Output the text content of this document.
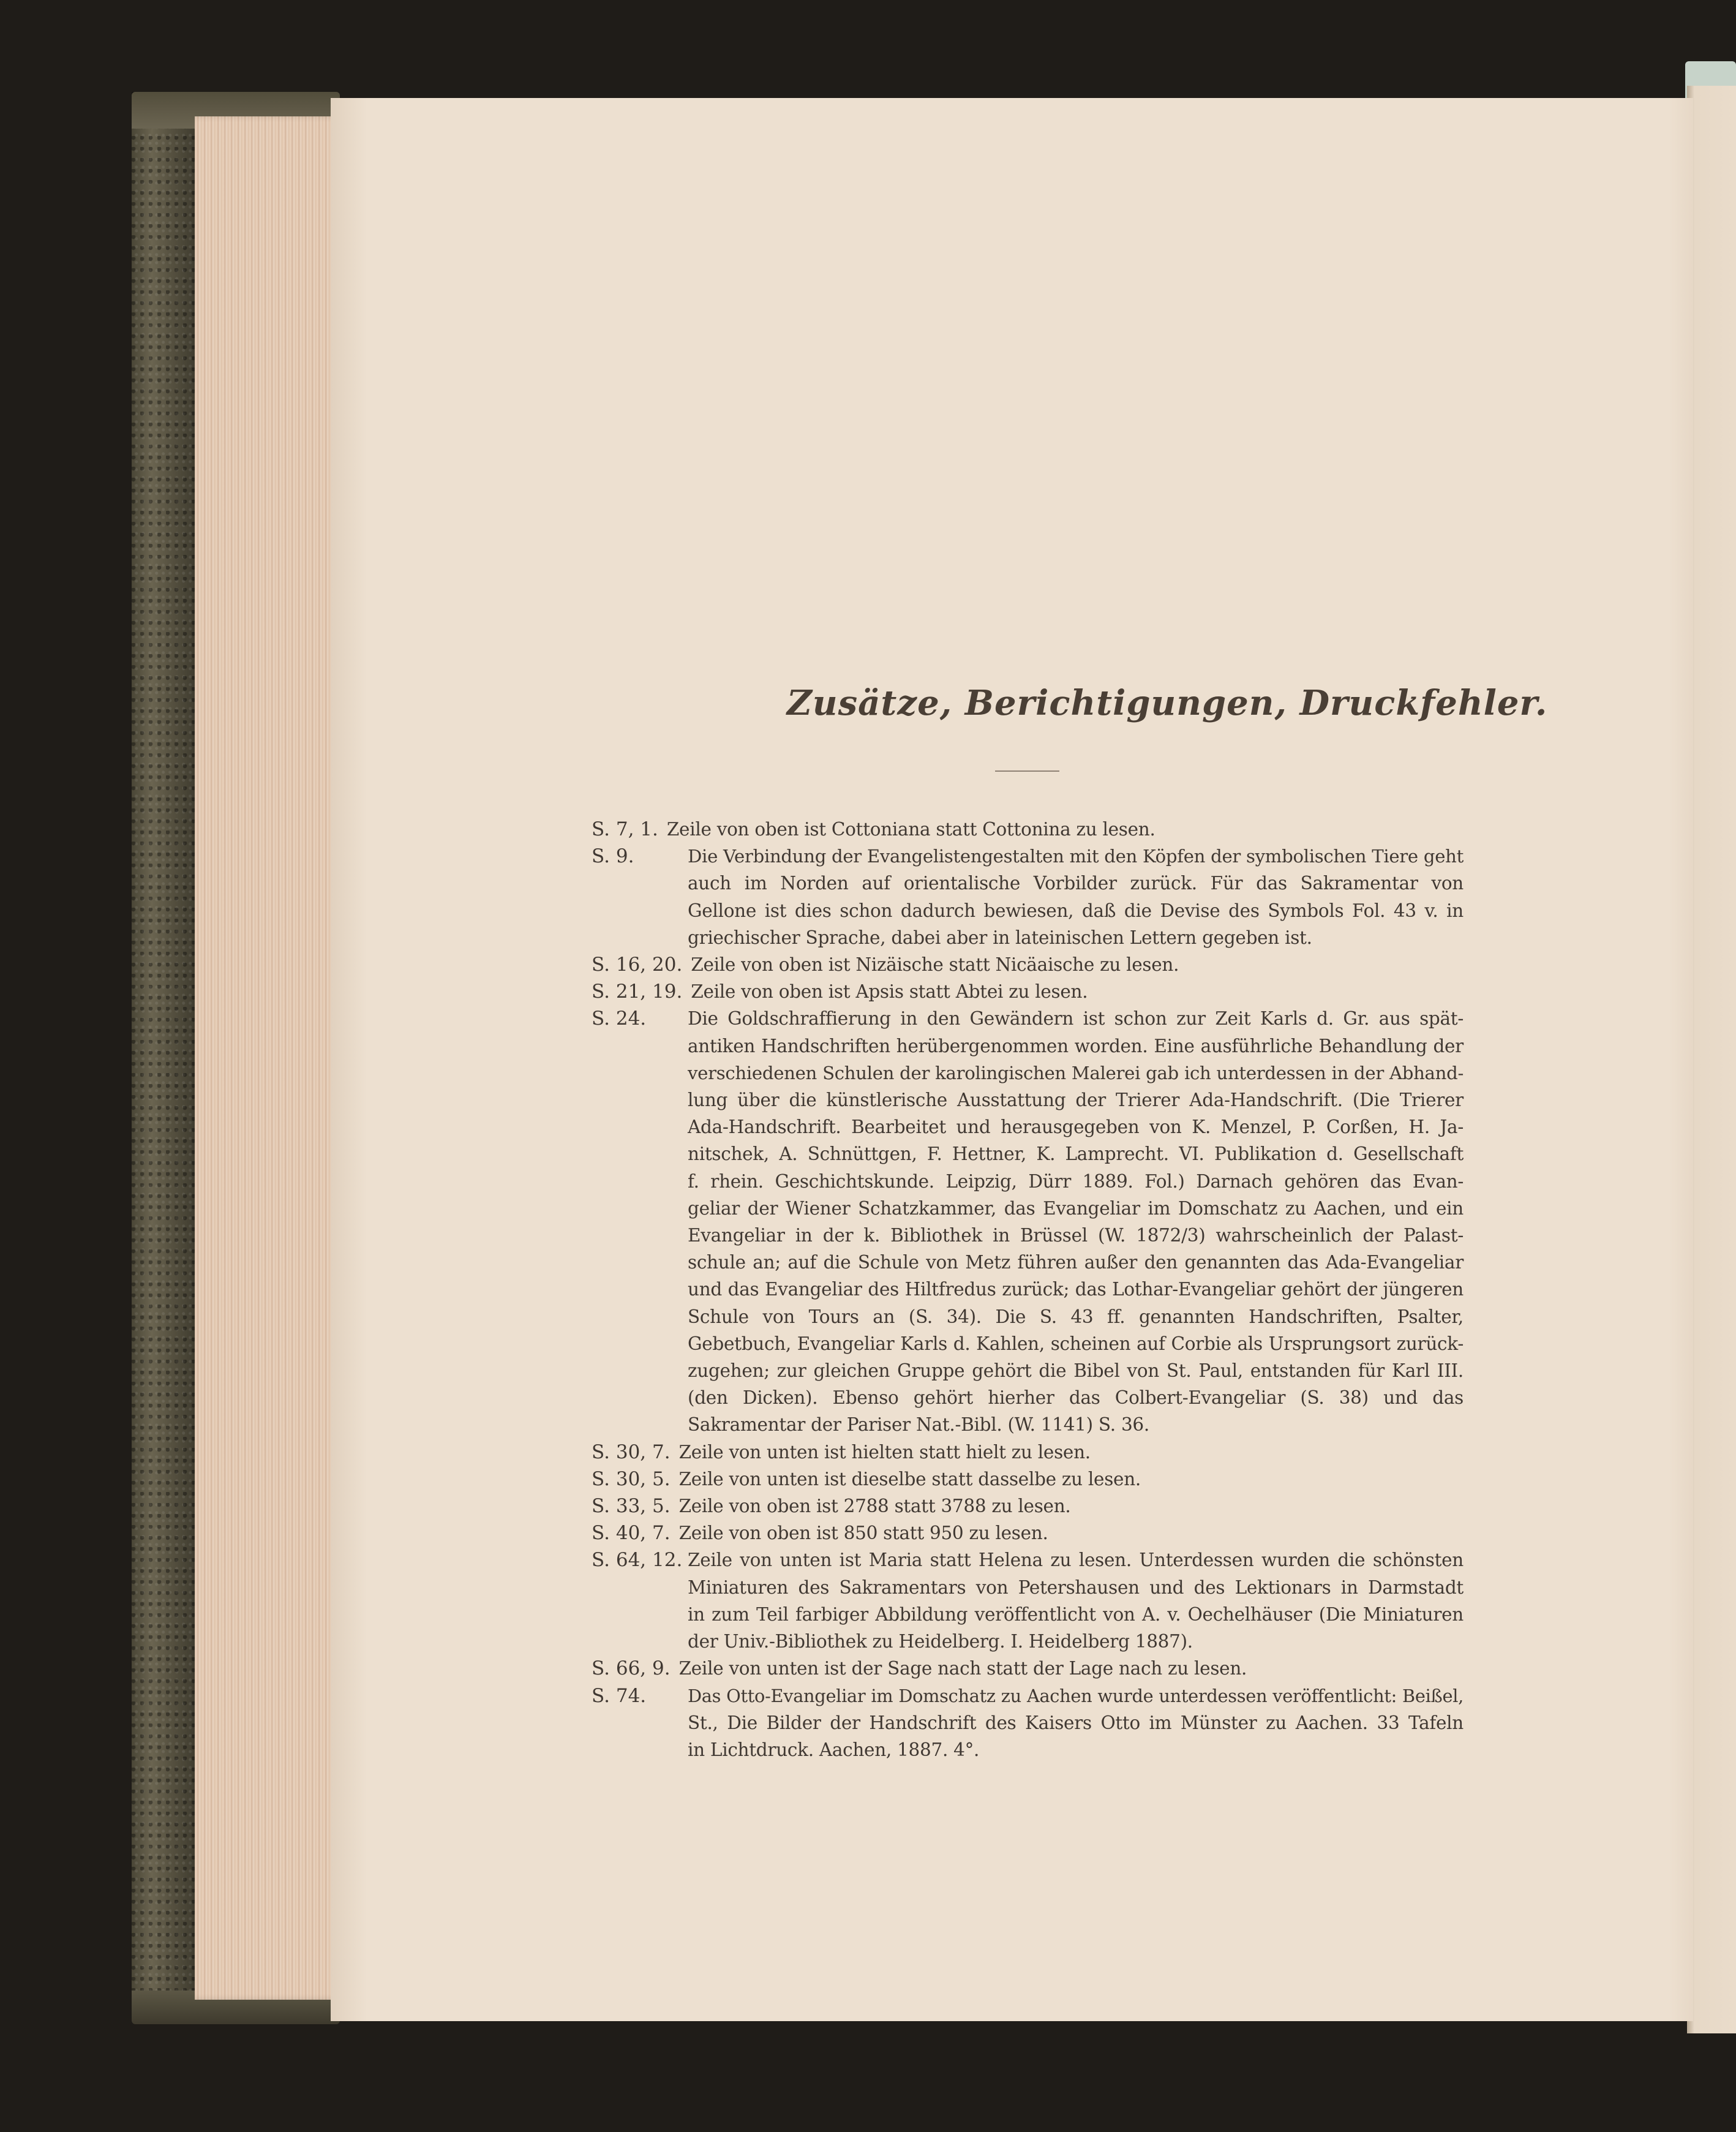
Zusätze, Berichtigungen, Druckfehler.
S. 7, 1. Zeile von oben ist Cottoniana statt Cottonina zu lesen.
S. 9.	Die Verbindung der Evangelistengestalten mit den Köpfen der symbolischen Tiere geht
auch im Norden auf orientalische Vorbilder zurück. Für das Sakramentar von
Gellone ist dies schon dadurch bewiesen, daß die Devise des Symbols Fol. 43 v. in
griechischer Sprache, dabei aber in lateinischen Lettern gegeben ist.
S. 16, 20. Zeile von oben ist Nizäische statt Nicäaische zu lesen.
S. 21, 19. Zeile von oben ist Apsis statt Abtei zu lesen.
S. 24. Die Goldschraffierung in den Gewändern ist schon zur Zeit Karls d. Gr. aus spät-
antiken Handschriften herübergenommen worden. Eine ausführliche Behandlung der
verschiedenen Schulen der karolingischen Malerei gab ich unterdessen in der Abhand-
lung über die künstlerische Ausstattung der Trierer Ada-Handschrift. (Die Trierer
Ada-Handschrift. Bearbeitet und herausgegeben von K. Menzel, P. Corßen, H. Ja-
nitschek, A. Schnüttgen, F. Hettner, K. Lamprecht. VI. Publikation d. Gesellschaft
f. rhein. Geschichtskunde. Leipzig, Dürr 1889. Fol.) Darnach gehören das Evan-
geliar der Wiener Schatzkammer, das Evangeliar im Domschatz zu Aachen, und ein
Evangeliar in der k. Bibliothek in Brüssel (W. 1872/3) wahrscheinlich der Palast-
schule an; auf die Schule von Metz führen außer den genannten das Ada-Evangeliar
und das Evangeliar des Hiltfredus zurück; das Lothar-Evangeliar gehört der jüngeren
Schule von Tours an (S. 34). Die S. 43 ff. genannten Handschriften, Psalter,
Gebetbuch, Evangeliar Karls d. Kahlen, scheinen auf Corbie als Ursprungsort zurück-
zugehen; zur gleichen Gruppe gehört die Bibel von St. Paul, entstanden für Karl III.
(den Dicken). Ebenso gehört hierher das Colbert-Evangeliar (S. 38) und das
Sakramentar der Pariser Nat.-Bibl. (W. 1141) S. 36.
S. 30, 7. Zeile von unten ist hielten statt hielt zu lesen.
S. 30, 5. Zeile von unten ist dieselbe statt dasselbe zu lesen.
S. 33, 5. Zeile von oben ist 2788 statt 3788 zu lesen.
S. 40, 7. Zeile von oben ist 850 statt 950 zu lesen.
S. 64, 12. Zeile von unten ist Maria statt Helena zu lesen. Unterdessen wurden die schönsten
Miniaturen des Sakramentars von Petershausen und des Lektionars in Darmstadt
in zum Teil farbiger Abbildung veröffentlicht von A. v. Oechelhäuser (Die Miniaturen
der Univ.-Bibliothek zu Heidelberg. I. Heidelberg 1887).
S. 66, 9. Zeile von unten ist der Sage nach statt der Lage nach zu lesen.
S. 74. Das Otto-Evangeliar im Domschatz zu Aachen wurde unterdessen veröffentlicht: Beißel,
St., Die Bilder der Handschrift des Kaisers Otto im Münster zu Aachen. 33 Tafeln
in Lichtdruck. Aachen, 1887. 4°.
